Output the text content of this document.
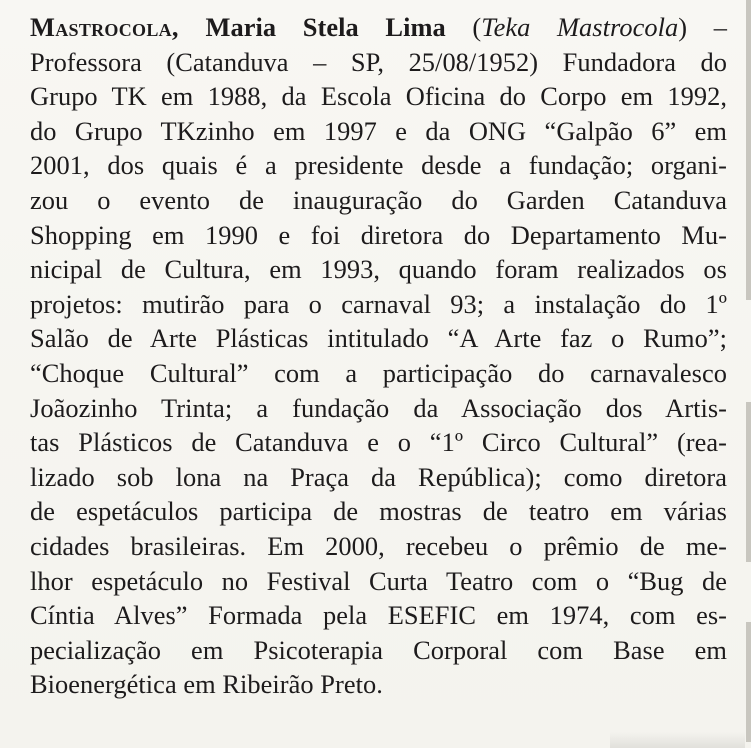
Mastrocola, Maria Stela Lima (Teka Mastrocola) –
Professora (Catanduva – SP, 25/08/1952) Fundadora do
Grupo TK em 1988, da Escola Oficina do Corpo em 1992,
do Grupo TKzinho em 1997 e da ONG “Galpão 6” em
2001, dos quais é a presidente desde a fundação; organi-
zou o evento de inauguração do Garden Catanduva
Shopping em 1990 e foi diretora do Departamento Mu-
nicipal de Cultura, em 1993, quando foram realizados os
projetos: mutirão para o carnaval 93; a instalação do 1º
Salão de Arte Plásticas intitulado “A Arte faz o Rumo”;
“Choque Cultural” com a participação do carnavalesco
Joãozinho Trinta; a fundação da Associação dos Artis-
tas Plásticos de Catanduva e o “1º Circo Cultural” (rea-
lizado sob lona na Praça da República); como diretora
de espetáculos participa de mostras de teatro em várias
cidades brasileiras. Em 2000, recebeu o prêmio de me-
lhor espetáculo no Festival Curta Teatro com o “Bug de
Cíntia Alves” Formada pela ESEFIC em 1974, com es-
pecialização em Psicoterapia Corporal com Base em
Bioenergética em Ribeirão Preto.
